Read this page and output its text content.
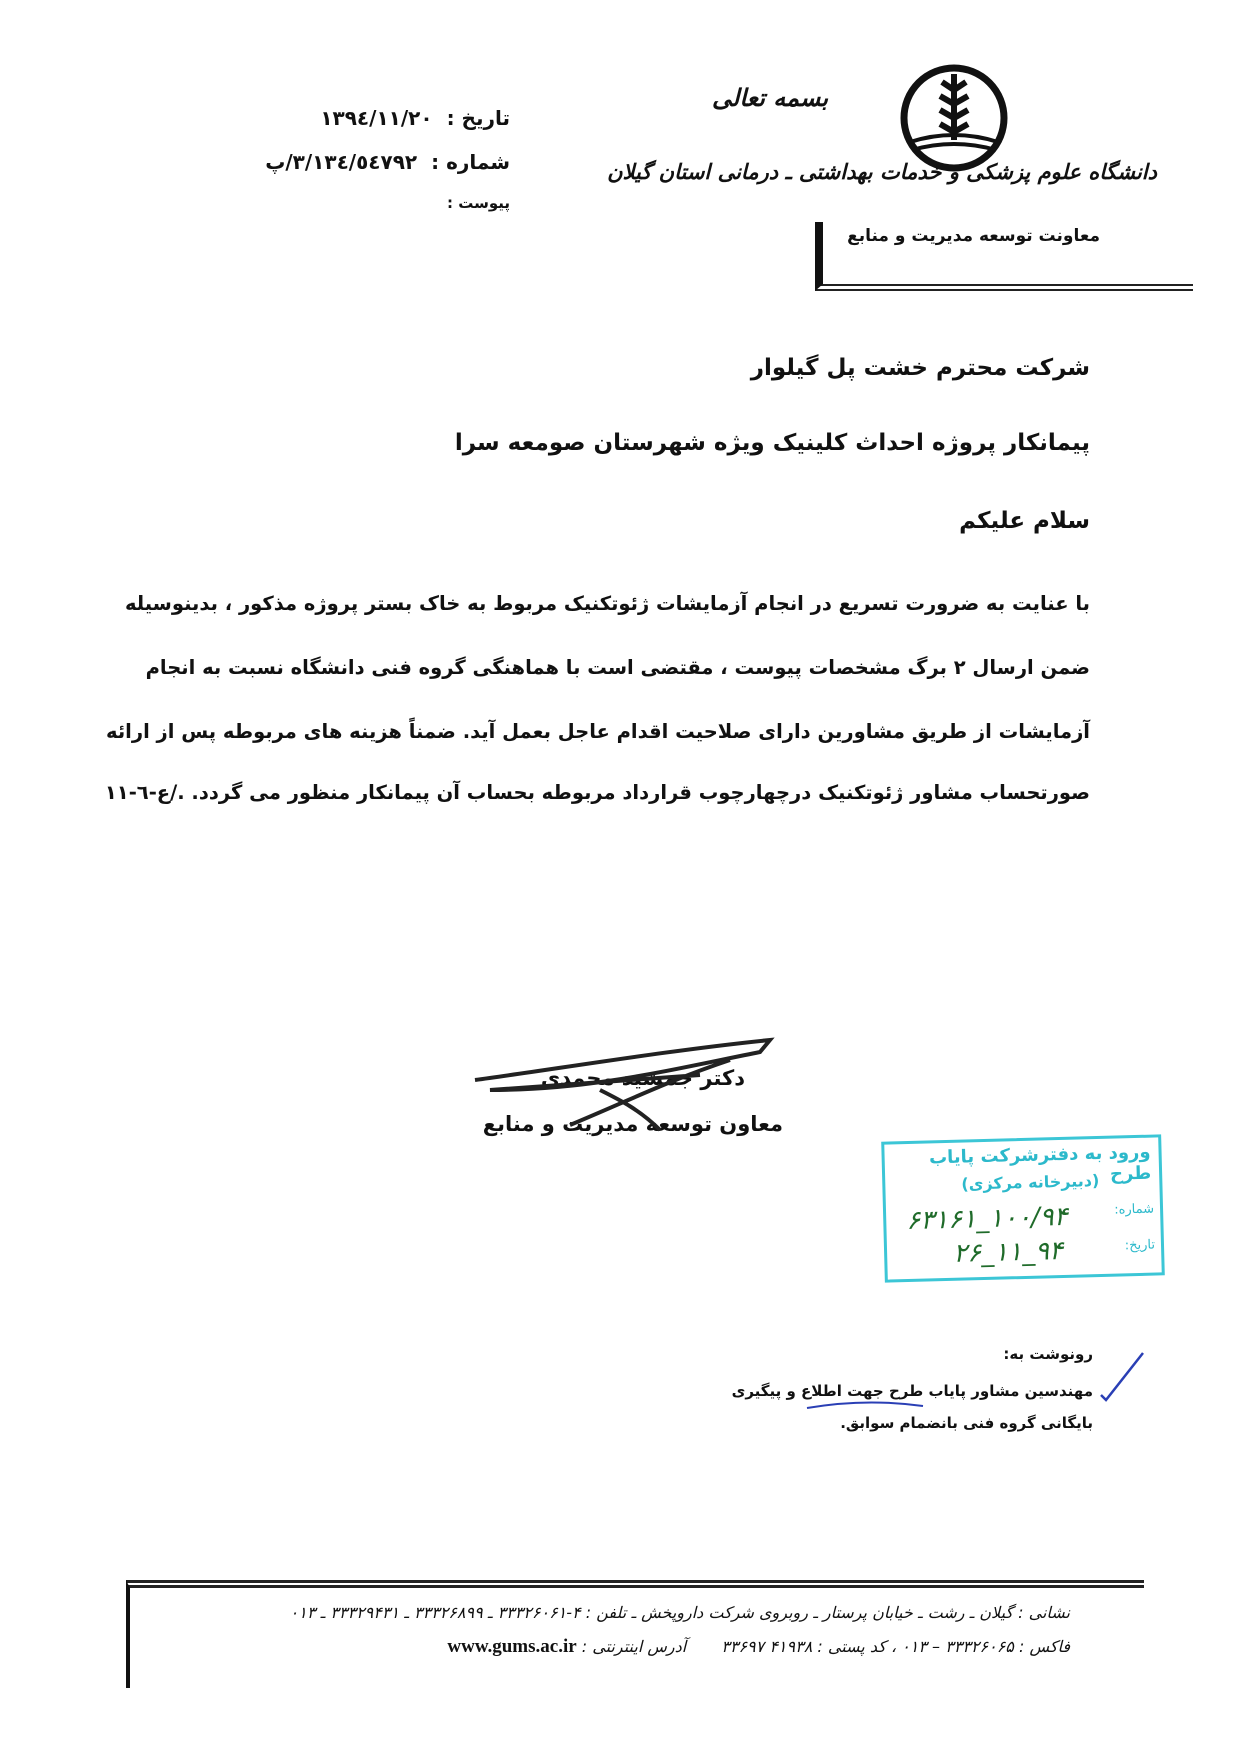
بسمه تعالی
دانشگاه علوم پزشکی و خدمات بهداشتی ـ درمانی استان گیلان
معاونت توسعه مدیریت و منابع
تاریخ :۱۳۹٤/۱۱/۲۰
شماره :۳/۱۳٤/٥٤۷۹۲/پ
پیوست :
شرکت محترم خشت پل گیلوار
پیمانکار پروژه احداث کلینیک ویژه شهرستان صومعه سرا
سلام علیکم
با عنایت به ضرورت تسریع در انجام آزمایشات ژئوتکنیک مربوط به خاک بستر پروژه مذکور ، بدینوسیله
ضمن ارسال ۲ برگ مشخصات پیوست ، مقتضی است با هماهنگی گروه فنی دانشگاه نسبت به انجام
آزمایشات از طریق مشاورین دارای صلاحیت اقدام عاجل بعمل آید. ضمناً هزینه های مربوطه پس از ارائه
صورتحساب مشاور ژئوتکنیک درچهارچوب قرارداد مربوطه بحساب آن پیمانکار منظور می گردد. ./ع-٦-١١
دکتر جمشید محمدی
معاون توسعه مدیریت و منابع
ورود به دفترشرکت پایاب طرح
(دبیرخانه مرکزی)
شماره:
۱۰۰/۹۴_۶۳۱۶۱
تاریخ:
۹۴_۱۱_۲۶
رونوشت به:
مهندسین مشاور پایاب طرح جهت اطلاع و پیگیری
بایگانی گروه فنی بانضمام سوابق.
نشانی : گیلان ـ رشت ـ خیابان پرستار ـ روبروی شرکت داروپخش ـ تلفن : ۴-۳۳۳۲۶۰۶۱ ـ ۳۳۳۲۶۸۹۹ ـ ۳۳۳۲۹۴۳۱ ـ ۰۱۳
فاکس : ۳۳۳۲۶۰۶۵ – ۰۱۳ ، کد پستی : ۴۱۹۳۸ ۳۳۶۹۷ آدرس اینترنتی : www.gums.ac.ir
